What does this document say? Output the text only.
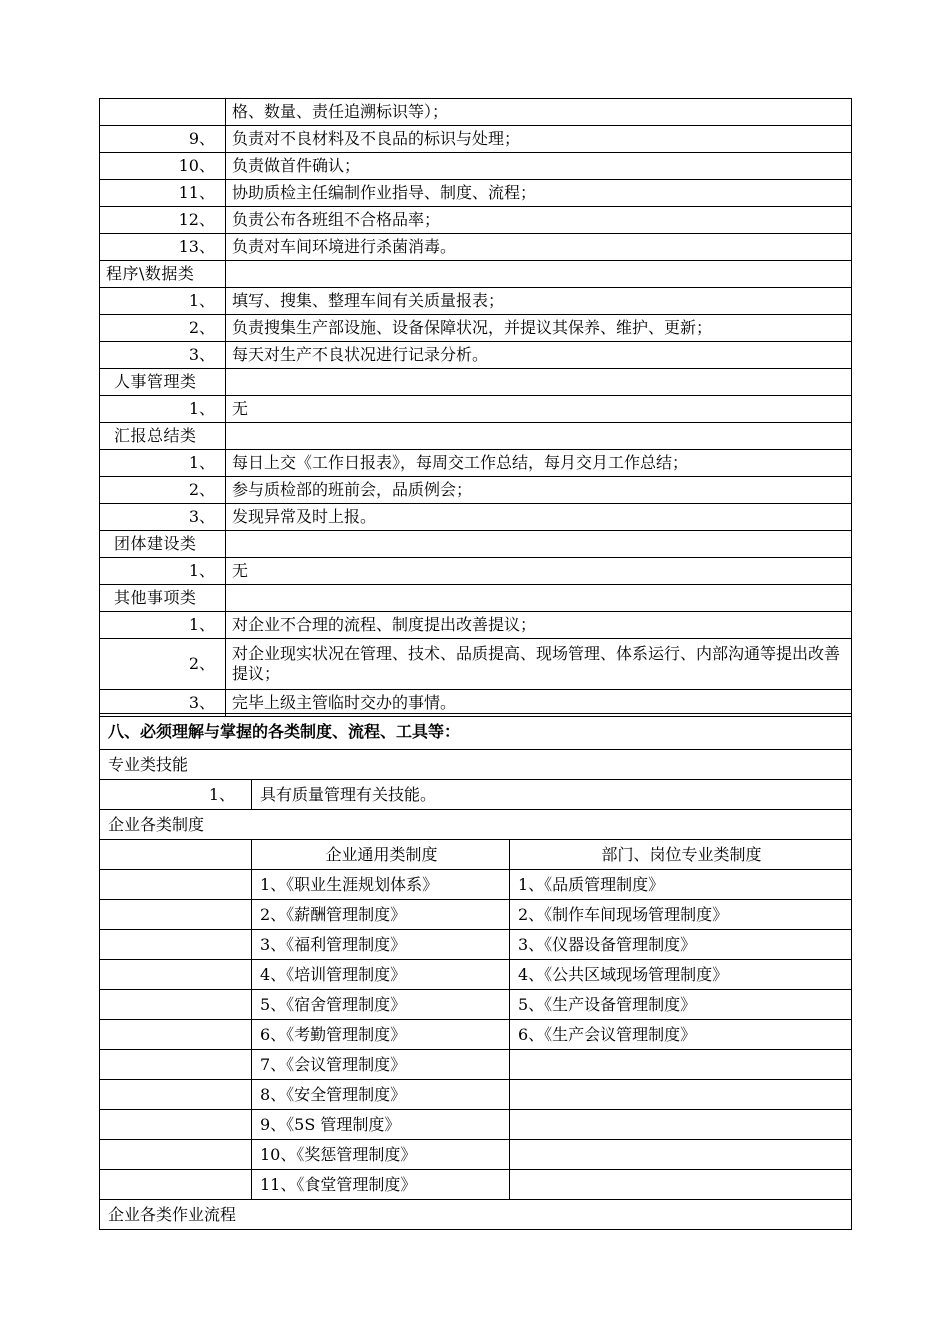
	格、数量、责任追溯标识等）；
9、	负责对不良材料及不良品的标识与处理；
10、	负责做首件确认；
11、	协助质检主任编制作业指导、制度、流程；
12、	负责公布各班组不合格品率；
13、	负责对车间环境进行杀菌消毒。
程序\数据类	
1、	填写、搜集、整理车间有关质量报表；
2、	负责搜集生产部设施、设备保障状况，并提议其保养、维护、更新；
3、	每天对生产不良状况进行记录分析。
人事管理类	
1、	无
汇报总结类	
1、	每日上交《工作日报表》，每周交工作总结，每月交月工作总结；
2、	参与质检部的班前会，品质例会；
3、	发现异常及时上报。
团体建设类	
1、	无
其他事项类	
1、	对企业不合理的流程、制度提出改善提议；
2、	对企业现实状况在管理、技术、品质提高、现场管理、体系运行、内部沟通等提出改善提议；
3、	完毕上级主管临时交办的事情。
八、必须理解与掌握的各类制度、流程、工具等：		
专业类技能		
1、	具有质量管理有关技能。	
企业各类制度		
	企业通用类制度	部门、岗位专业类制度
	1、《职业生涯规划体系》	1、《品质管理制度》
	2、《薪酬管理制度》	2、《制作车间现场管理制度》
	3、《福利管理制度》	3、《仪器设备管理制度》
	4、《培训管理制度》	4、《公共区域现场管理制度》
	5、《宿舍管理制度》	5、《生产设备管理制度》
	6、《考勤管理制度》	6、《生产会议管理制度》
	7、《会议管理制度》	
	8、《安全管理制度》	
	9、《5S 管理制度》	
	10、《奖惩管理制度》	
	11、《食堂管理制度》	
企业各类作业流程		
